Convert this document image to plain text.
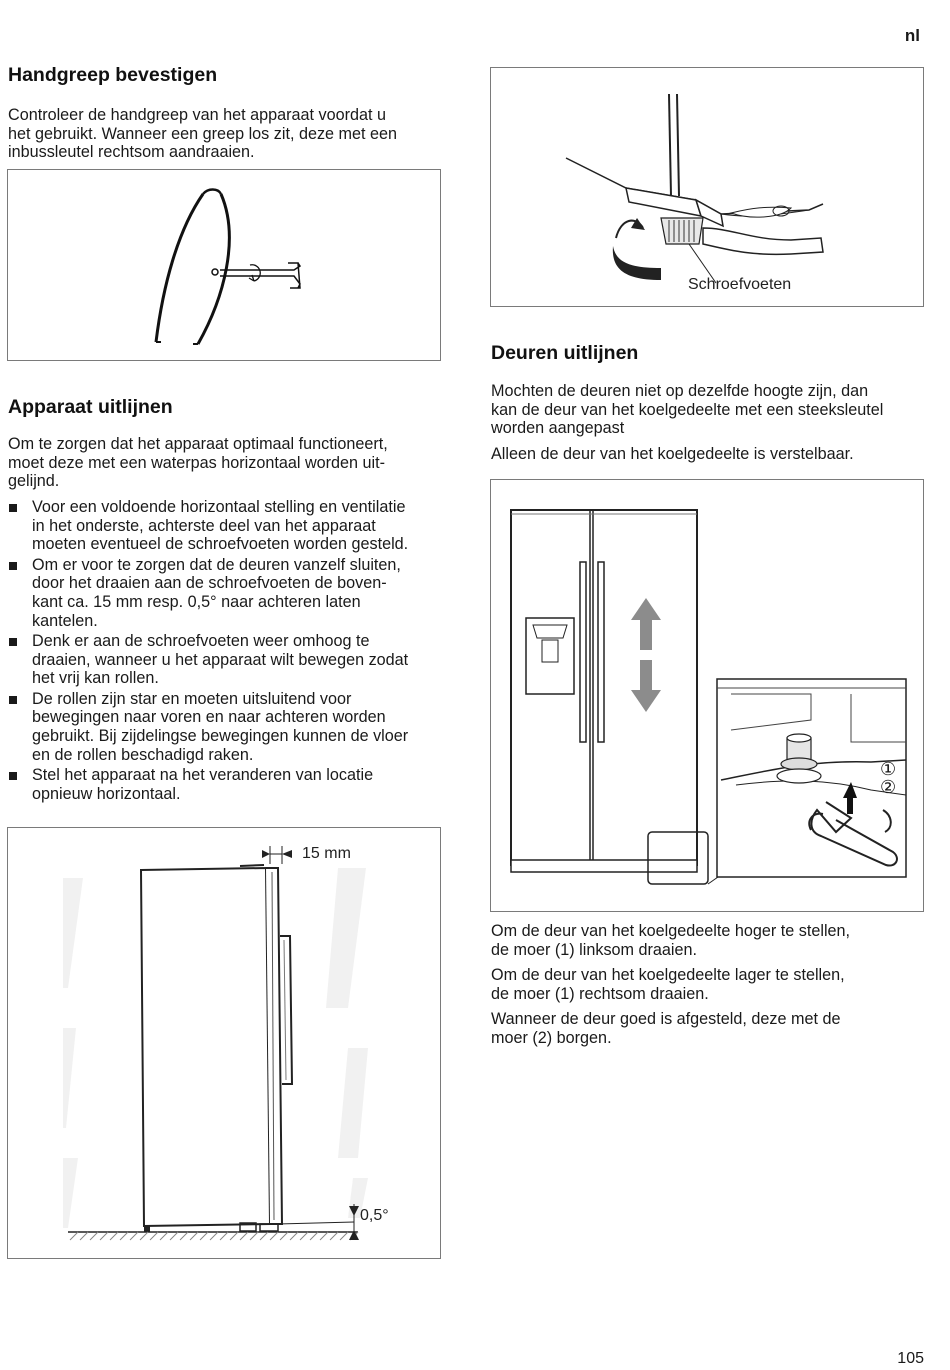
nl
Handgreep bevestigen

Controleer de handgreep van het apparaat voordat u
het gebruikt. Wanneer een greep los zit, deze met een
inbussleutel rechtsom aandraaien.

Apparaat uitlijnen

Om te zorgen dat het apparaat optimaal functioneert,
moet deze met een waterpas horizontaal worden uit-
gelijnd.

Voor een voldoende horizontaal stelling en ventilatie
in het onderste, achterste deel van het apparaat
moeten eventueel de schroefvoeten worden gesteld.
Om er voor te zorgen dat de deuren vanzelf sluiten,
door het draaien aan de schroefvoeten de boven-
kant ca. 15 mm resp. 0,5° naar achteren laten
kantelen.
Denk er aan de schroefvoeten weer omhoog te
draaien, wanneer u het apparaat wilt bewegen zodat
het vrij kan rollen.
De rollen zijn star en moeten uitsluitend voor
bewegingen naar voren en naar achteren worden
gebruikt. Bij zijdelingse bewegingen kunnen de vloer
en de rollen beschadigd raken.
Stel het apparaat na het veranderen van locatie
opnieuw horizontaal.
15 mm
0,5°
Schroefvoeten
Deuren uitlijnen

Mochten de deuren niet op dezelfde hoogte zijn, dan
kan de deur van het koelgedeelte met een steeksleutel
worden aangepast

Alleen de deur van het koelgedeelte is verstelbaar.

①
②

Om de deur van het koelgedeelte hoger te stellen,
de moer (1) linksom draaien.

Om de deur van het koelgedeelte lager te stellen,
de moer (1) rechtsom draaien.

Wanneer de deur goed is afgesteld, deze met de
moer (2) borgen.

105
